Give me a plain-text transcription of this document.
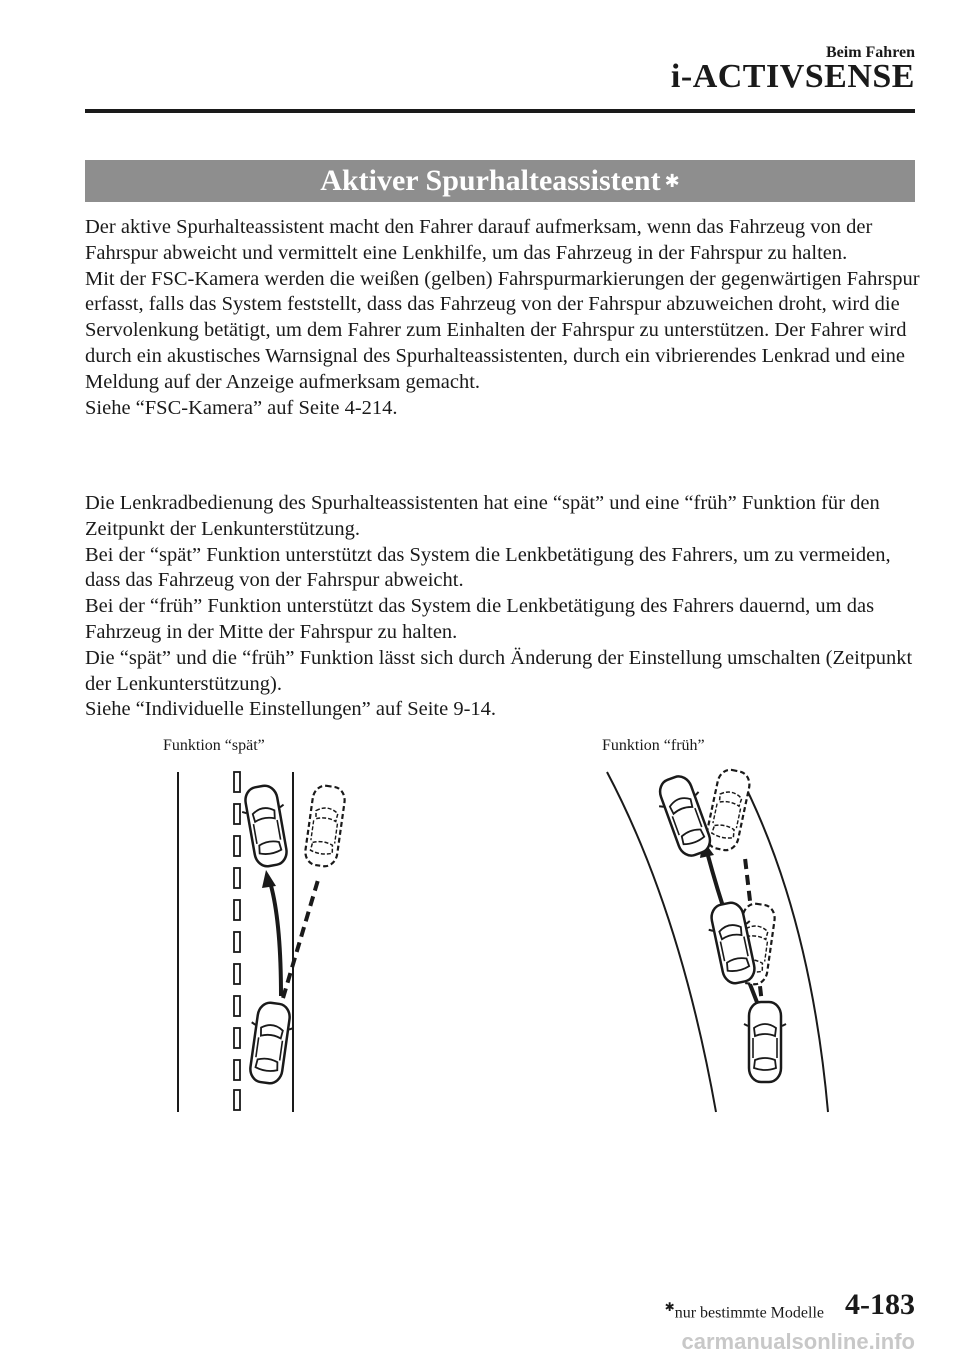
Beim Fahren
i-ACTIVSENSE
Aktiver Spurhalteassistent ✱

Der aktive Spurhalteassistent macht den Fahrer darauf aufmerksam, wenn das Fahrzeug von der Fahrspur abweicht und vermittelt eine Lenkhilfe, um das Fahrzeug in der Fahrspur zu halten.

Mit der FSC-Kamera werden die weißen (gelben) Fahrspurmarkierungen der gegenwärtigen Fahrspur erfasst, falls das System feststellt, dass das Fahrzeug von der Fahrspur abzuweichen droht, wird die Servolenkung betätigt, um dem Fahrer zum Einhalten der Fahrspur zu unterstützen. Der Fahrer wird durch ein akustisches Warnsignal des Spurhalteassistenten, durch ein vibrierendes Lenkrad und eine Meldung auf der Anzeige aufmerksam gemacht.

Siehe “FSC-Kamera” auf Seite 4-214.

Die Lenkradbedienung des Spurhalteassistenten hat eine “spät” und eine “früh” Funktion für den Zeitpunkt der Lenkunterstützung.

Bei der “spät” Funktion unterstützt das System die Lenkbetätigung des Fahrers, um zu vermeiden, dass das Fahrzeug von der Fahrspur abweicht.

Bei der “früh” Funktion unterstützt das System die Lenkbetätigung des Fahrers dauernd, um das Fahrzeug in der Mitte der Fahrspur zu halten.

Die “spät” und die “früh” Funktion lässt sich durch Änderung der Einstellung umschalten (Zeitpunkt der Lenkunterstützung).

Siehe “Individuelle Einstellungen” auf Seite 9-14.

Funktion “spät”	Funktion “früh”
✱nur bestimmte Modelle 4-183
carmanualsonline.info
